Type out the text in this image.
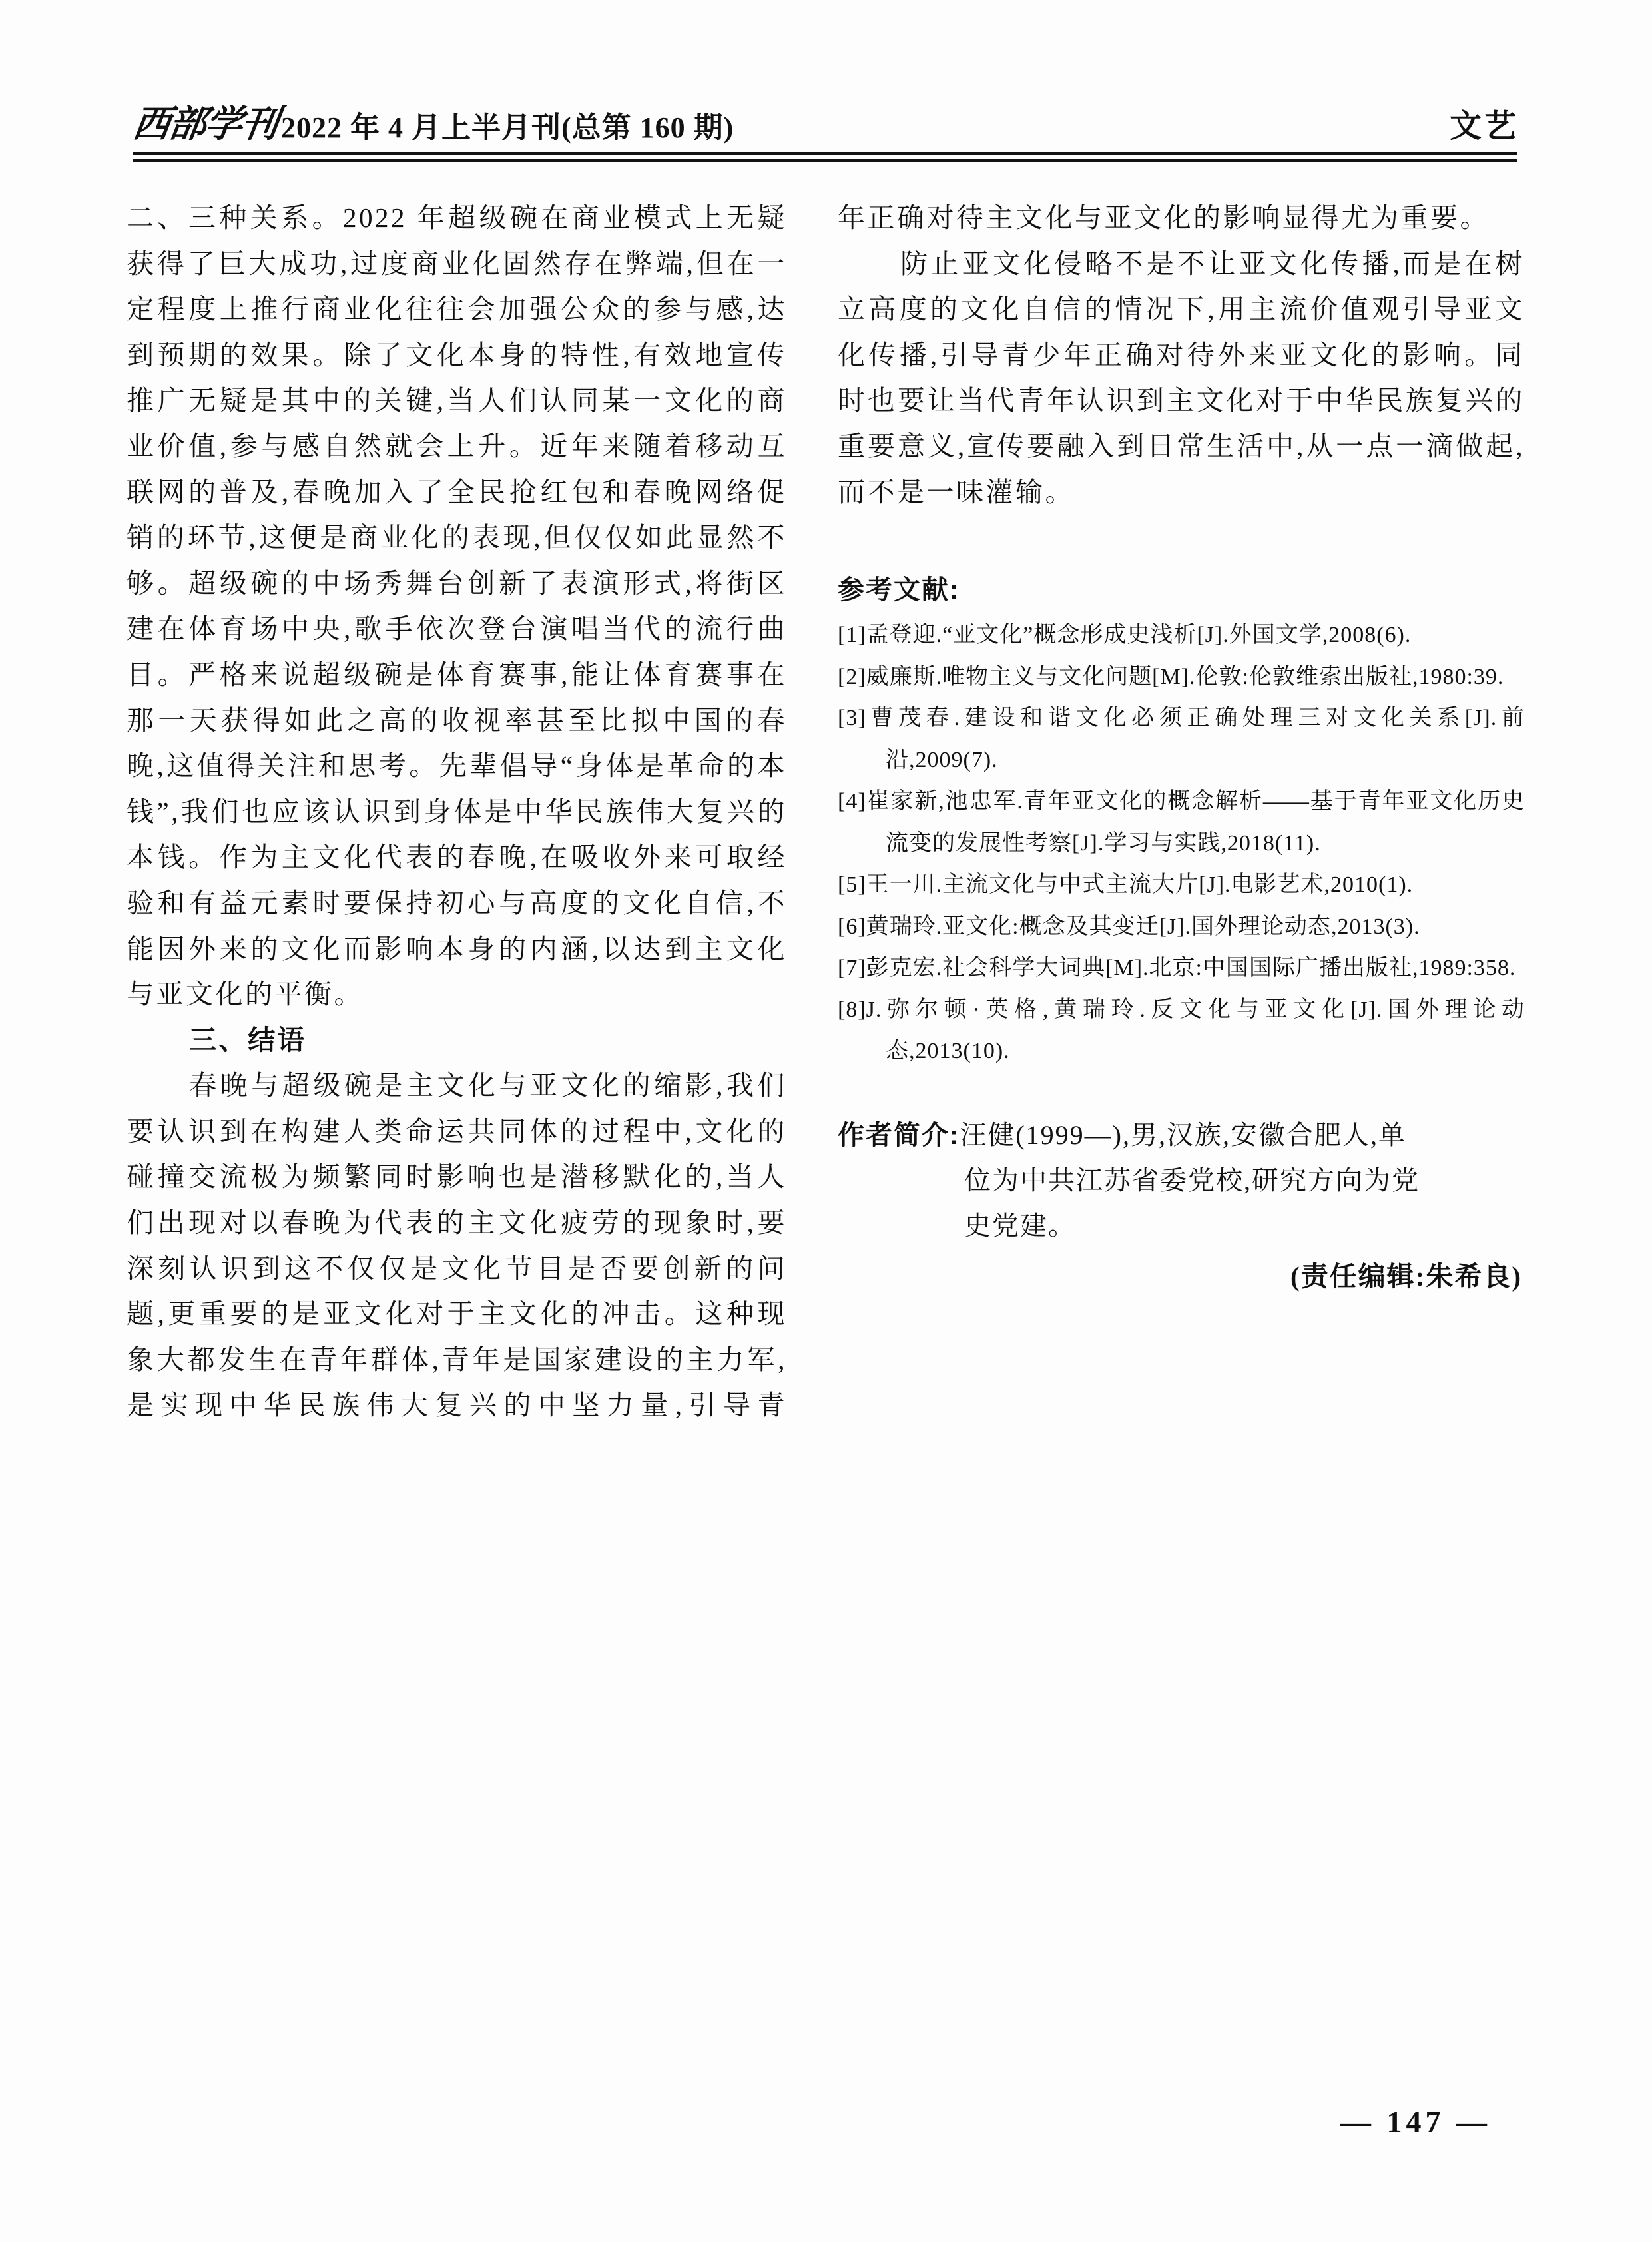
西部学刊 2022 年 4 月上半月刊(总第 160 期)	文艺

二、三种关系。2022 年超级碗在商业模式上无疑获得了巨大成功,过度商业化固然存在弊端,但在一定程度上推行商业化往往会加强公众的参与感,达到预期的效果。除了文化本身的特性,有效地宣传推广无疑是其中的关键,当人们认同某一文化的商业价值,参与感自然就会上升。近年来随着移动互联网的普及,春晚加入了全民抢红包和春晚网络促销的环节,这便是商业化的表现,但仅仅如此显然不够。超级碗的中场秀舞台创新了表演形式,将街区建在体育场中央,歌手依次登台演唱当代的流行曲目。严格来说超级碗是体育赛事,能让体育赛事在那一天获得如此之高的收视率甚至比拟中国的春晚,这值得关注和思考。先辈倡导“身体是革命的本钱”,我们也应该认识到身体是中华民族伟大复兴的本钱。作为主文化代表的春晚,在吸收外来可取经验和有益元素时要保持初心与高度的文化自信,不能因外来的文化而影响本身的内涵,以达到主文化与亚文化的平衡。

三、结语

春晚与超级碗是主文化与亚文化的缩影,我们要认识到在构建人类命运共同体的过程中,文化的碰撞交流极为频繁同时影响也是潜移默化的,当人们出现对以春晚为代表的主文化疲劳的现象时,要深刻认识到这不仅仅是文化节目是否要创新的问题,更重要的是亚文化对于主文化的冲击。这种现象大都发生在青年群体,青年是国家建设的主力军,是实现中华民族伟大复兴的中坚力量,引导青

年正确对待主文化与亚文化的影响显得尤为重要。

防止亚文化侵略不是不让亚文化传播,而是在树立高度的文化自信的情况下,用主流价值观引导亚文化传播,引导青少年正确对待外来亚文化的影响。同时也要让当代青年认识到主文化对于中华民族复兴的重要意义,宣传要融入到日常生活中,从一点一滴做起,而不是一味灌输。

参考文献:
[1]孟登迎.“亚文化”概念形成史浅析[J].外国文学,2008(6).
[2]威廉斯.唯物主义与文化问题[M].伦敦:伦敦维索出版社,1980:39.
[3]曹茂春.建设和谐文化必须正确处理三对文化关系[J].前沿,2009(7).
[4]崔家新,池忠军.青年亚文化的概念解析——基于青年亚文化历史流变的发展性考察[J].学习与实践,2018(11).
[5]王一川.主流文化与中式主流大片[J].电影艺术,2010(1).
[6]黄瑞玲.亚文化:概念及其变迁[J].国外理论动态,2013(3).
[7]彭克宏.社会科学大词典[M].北京:中国国际广播出版社,1989:358.
[8]J.弥尔顿·英格,黄瑞玲.反文化与亚文化[J].国外理论动态,2013(10).
作者简介:汪健(1999—),男,汉族,安徽合肥人,单
位为中共江苏省委党校,研究方向为党
史党建。
(责任编辑:朱希良)
— 147 —
